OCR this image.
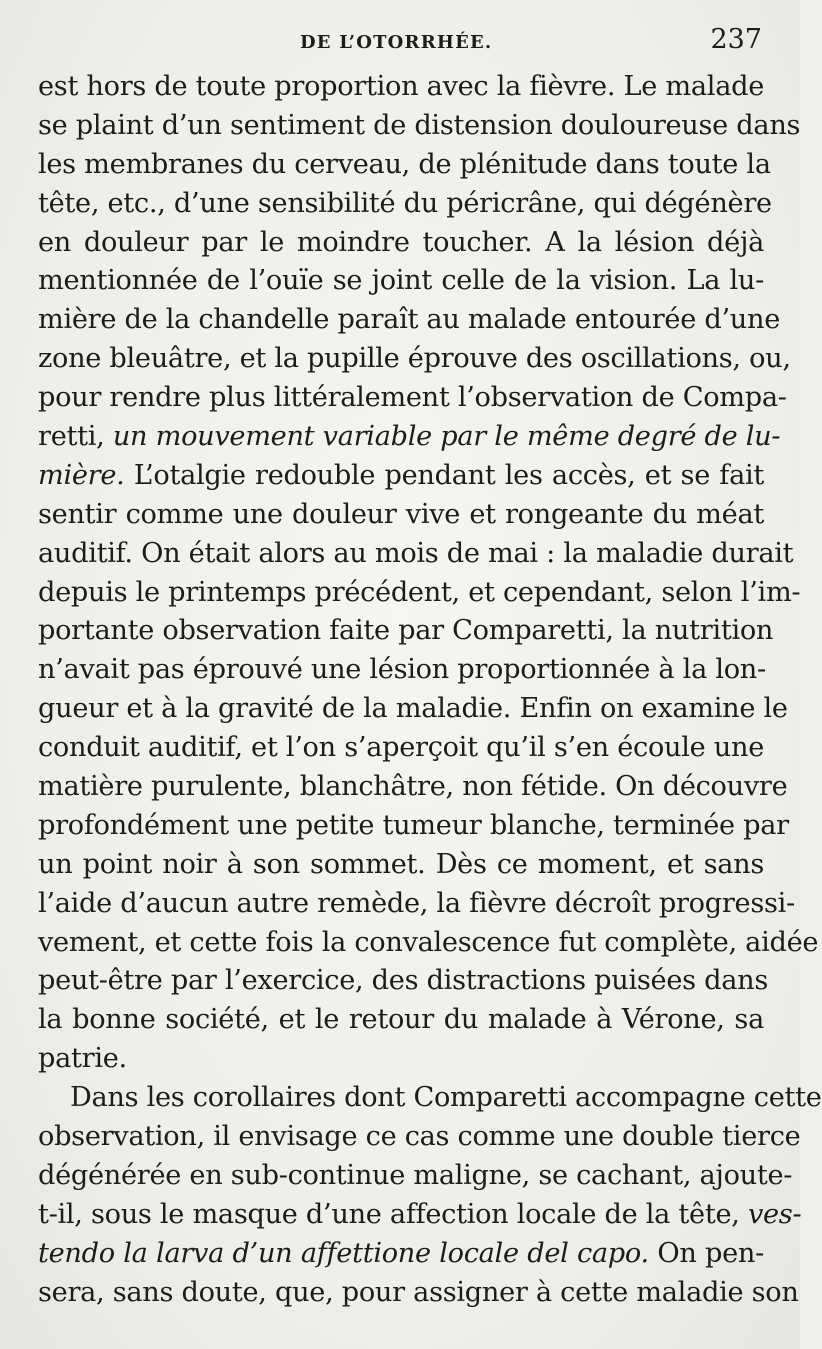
DE L’OTORRHÉE.	237
est hors de toute proportion avec la fièvre. Le malade
se plaint d’un sentiment de distension douloureuse dans
les membranes du cerveau, de plénitude dans toute la
tête, etc., d’une sensibilité du péricrâne, qui dégénère
en douleur par le moindre toucher. A la lésion déjà
mentionnée de l’ouïe se joint celle de la vision. La lu-
mière de la chandelle paraît au malade entourée d’une
zone bleuâtre, et la pupille éprouve des oscillations, ou,
pour rendre plus littéralement l’observation de Compa-
retti, un mouvement variable par le même degré de lu-
mière. L’otalgie redouble pendant les accès, et se fait
sentir comme une douleur vive et rongeante du méat
auditif. On était alors au mois de mai : la maladie durait
depuis le printemps précédent, et cependant, selon l’im-
portante observation faite par Comparetti, la nutrition
n’avait pas éprouvé une lésion proportionnée à la lon-
gueur et à la gravité de la maladie. Enfin on examine le
conduit auditif, et l’on s’aperçoit qu’il s’en écoule une
matière purulente, blanchâtre, non fétide. On découvre
profondément une petite tumeur blanche, terminée par
un point noir à son sommet. Dès ce moment, et sans
l’aide d’aucun autre remède, la fièvre décroît progressi-
vement, et cette fois la convalescence fut complète, aidée
peut-être par l’exercice, des distractions puisées dans
la bonne société, et le retour du malade à Vérone, sa
patrie.
Dans les corollaires dont Comparetti accompagne cette
observation, il envisage ce cas comme une double tierce
dégénérée en sub-continue maligne, se cachant, ajoute-
t-il, sous le masque d’une affection locale de la tête, ves-
tendo la larva d’un affettione locale del capo. On pen-
sera, sans doute, que, pour assigner à cette maladie son
